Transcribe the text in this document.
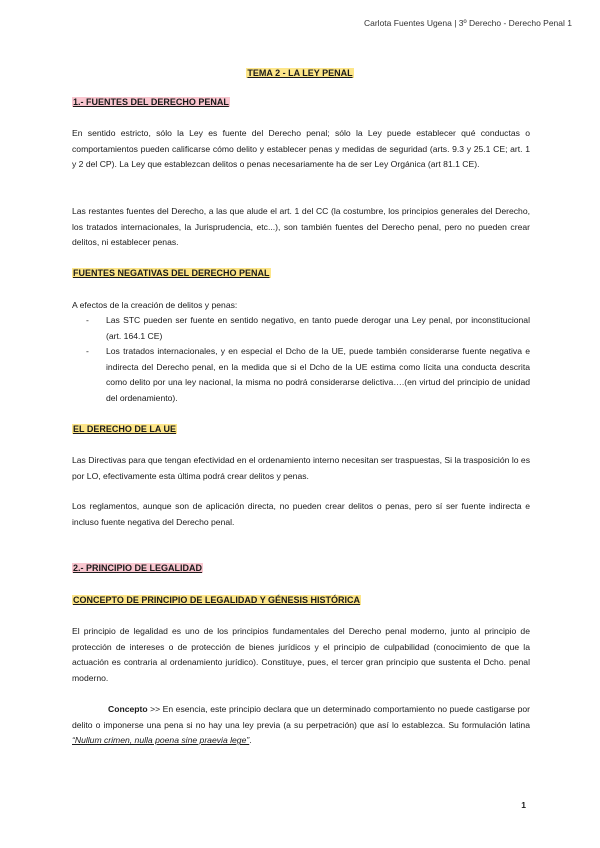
Carlota Fuentes Ugena | 3º Derecho - Derecho Penal 1
TEMA 2 - LA LEY PENAL
1.- FUENTES DEL DERECHO PENAL

En sentido estricto, sólo la Ley es fuente del Derecho penal; sólo la Ley puede establecer qué conductas o comportamientos pueden calificarse cómo delito y establecer penas y medidas de seguridad (arts. 9.3 y 25.1 CE; art. 1 y 2 del CP). La Ley que establezcan delitos o penas necesariamente ha de ser Ley Orgánica (art 81.1 CE).

Las restantes fuentes del Derecho, a las que alude el art. 1 del CC (la costumbre, los principios generales del Derecho, los tratados internacionales, la Jurisprudencia, etc...), son también fuentes del Derecho penal, pero no pueden crear delitos, ni establecer penas.

FUENTES NEGATIVAS DEL DERECHO PENAL

A efectos de la creación de delitos y penas:

- Las STC pueden ser fuente en sentido negativo, en tanto puede derogar una Ley penal, por inconstitucional (art. 164.1 CE)
- Los tratados internacionales, y en especial el Dcho de la UE, puede también considerarse fuente negativa e indirecta del Derecho penal, en la medida que si el Dcho de la UE estima como lícita una conducta descrita como delito por una ley nacional, la misma no podrá considerarse delictiva….(en virtud del principio de unidad del ordenamiento).
EL DERECHO DE LA UE

Las Directivas para que tengan efectividad en el ordenamiento interno necesitan ser traspuestas, Si la trasposición lo es por LO, efectivamente esta última podrá crear delitos y penas.

Los reglamentos, aunque son de aplicación directa, no pueden crear delitos o penas, pero sí ser fuente indirecta e incluso fuente negativa del Derecho penal.

2.- PRINCIPIO DE LEGALIDAD
CONCEPTO DE PRINCIPIO DE LEGALIDAD Y GÉNESIS HISTÓRICA

El principio de legalidad es uno de los principios fundamentales del Derecho penal moderno, junto al principio de protección de intereses o de protección de bienes jurídicos y el principio de culpabilidad (conocimiento de que la actuación es contraria al ordenamiento jurídico). Constituye, pues, el tercer gran principio que sustenta el Dcho. penal moderno.

Concepto >> En esencia, este principio declara que un determinado comportamiento no puede castigarse por delito o imponerse una pena si no hay una ley previa (a su perpetración) que así lo establezca. Su formulación latina “Nullum crimen, nulla poena sine praevia lege”.

1
